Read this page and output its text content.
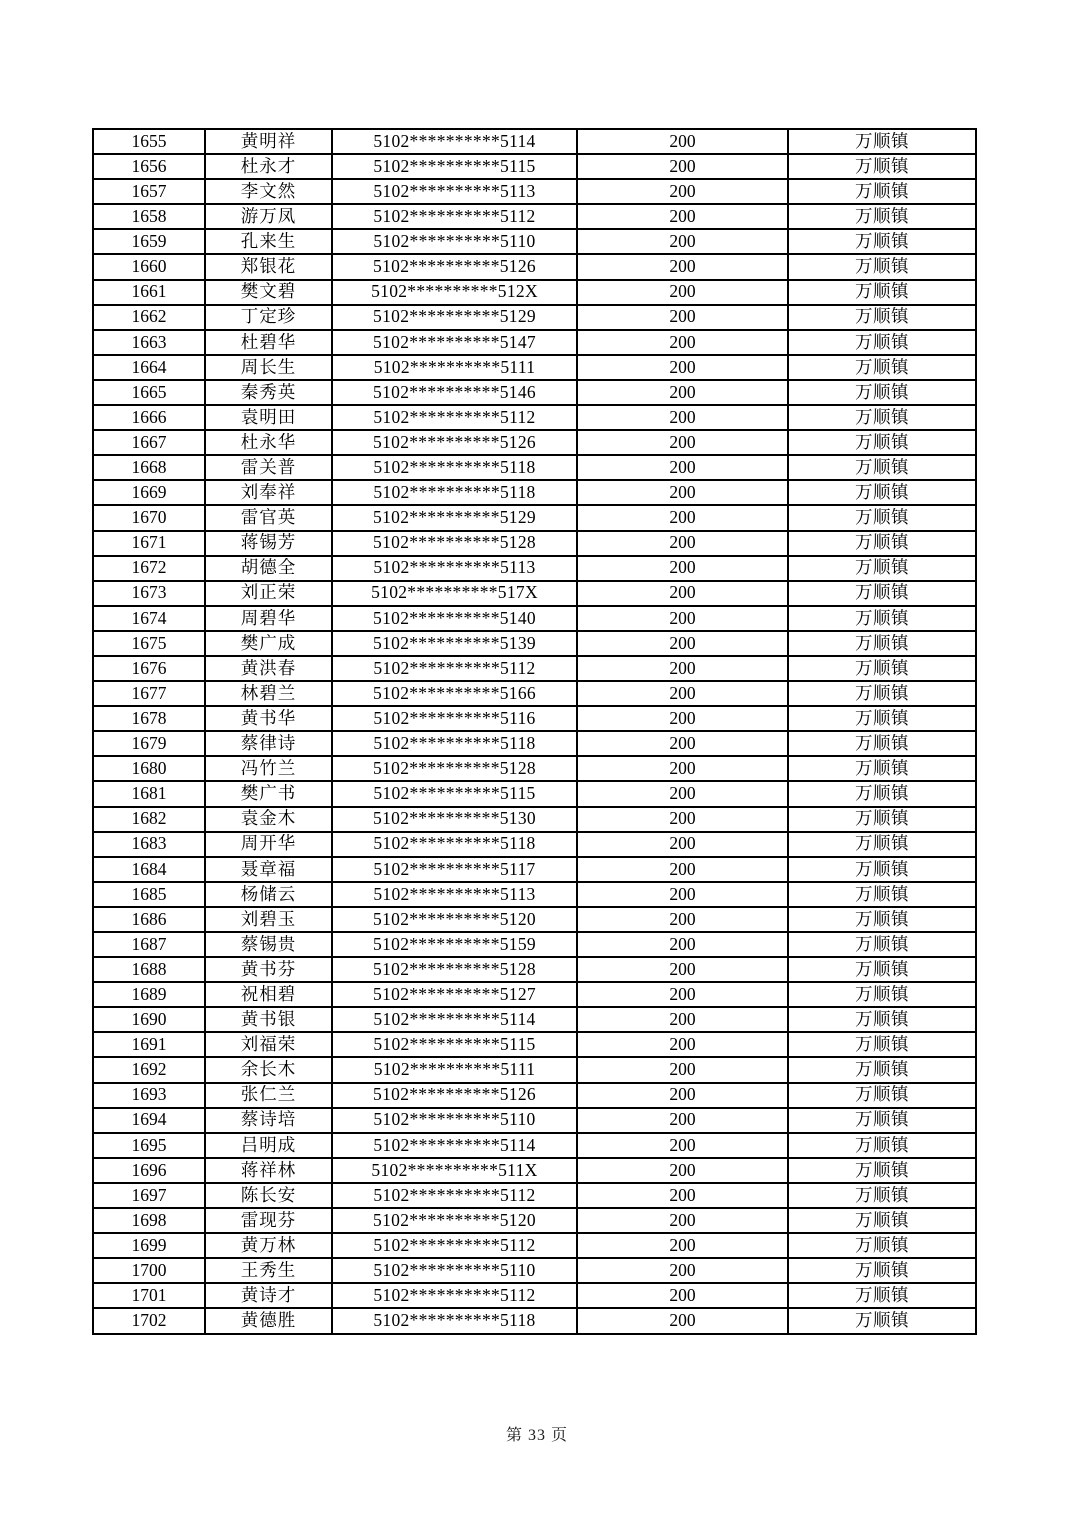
1655	黄明祥	5102**********5114	200	万顺镇
1656	杜永才	5102**********5115	200	万顺镇
1657	李文然	5102**********5113	200	万顺镇
1658	游万凤	5102**********5112	200	万顺镇
1659	孔来生	5102**********5110	200	万顺镇
1660	郑银花	5102**********5126	200	万顺镇
1661	樊文碧	5102**********512X	200	万顺镇
1662	丁定珍	5102**********5129	200	万顺镇
1663	杜碧华	5102**********5147	200	万顺镇
1664	周长生	5102**********5111	200	万顺镇
1665	秦秀英	5102**********5146	200	万顺镇
1666	袁明田	5102**********5112	200	万顺镇
1667	杜永华	5102**********5126	200	万顺镇
1668	雷关普	5102**********5118	200	万顺镇
1669	刘奉祥	5102**********5118	200	万顺镇
1670	雷官英	5102**********5129	200	万顺镇
1671	蒋锡芳	5102**********5128	200	万顺镇
1672	胡德全	5102**********5113	200	万顺镇
1673	刘正荣	5102**********517X	200	万顺镇
1674	周碧华	5102**********5140	200	万顺镇
1675	樊广成	5102**********5139	200	万顺镇
1676	黄洪春	5102**********5112	200	万顺镇
1677	林碧兰	5102**********5166	200	万顺镇
1678	黄书华	5102**********5116	200	万顺镇
1679	蔡律诗	5102**********5118	200	万顺镇
1680	冯竹兰	5102**********5128	200	万顺镇
1681	樊广书	5102**********5115	200	万顺镇
1682	袁金木	5102**********5130	200	万顺镇
1683	周开华	5102**********5118	200	万顺镇
1684	聂章福	5102**********5117	200	万顺镇
1685	杨储云	5102**********5113	200	万顺镇
1686	刘碧玉	5102**********5120	200	万顺镇
1687	蔡锡贵	5102**********5159	200	万顺镇
1688	黄书芬	5102**********5128	200	万顺镇
1689	祝相碧	5102**********5127	200	万顺镇
1690	黄书银	5102**********5114	200	万顺镇
1691	刘福荣	5102**********5115	200	万顺镇
1692	余长木	5102**********5111	200	万顺镇
1693	张仁兰	5102**********5126	200	万顺镇
1694	蔡诗培	5102**********5110	200	万顺镇
1695	吕明成	5102**********5114	200	万顺镇
1696	蒋祥林	5102**********511X	200	万顺镇
1697	陈长安	5102**********5112	200	万顺镇
1698	雷现芬	5102**********5120	200	万顺镇
1699	黄万林	5102**********5112	200	万顺镇
1700	王秀生	5102**********5110	200	万顺镇
1701	黄诗才	5102**********5112	200	万顺镇
1702	黄德胜	5102**********5118	200	万顺镇
第 33 页
